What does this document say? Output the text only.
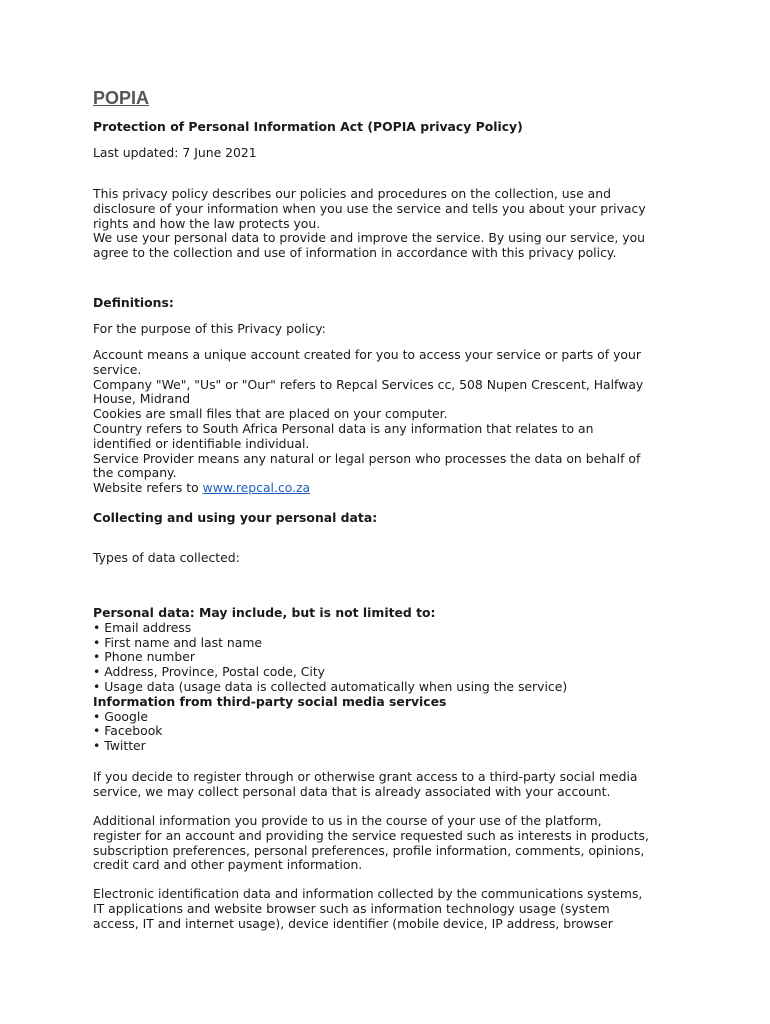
POPIA

Protection of Personal Information Act (POPIA privacy Policy)

Last updated: 7 June 2021

This privacy policy describes our policies and procedures on the collection, use and
disclosure of your information when you use the service and tells you about your privacy
rights and how the law protects you.
We use your personal data to provide and improve the service. By using our service, you
agree to the collection and use of information in accordance with this privacy policy.

Definitions:

For the purpose of this Privacy policy:

Account means a unique account created for you to access your service or parts of your
service.
Company "We", "Us" or "Our" refers to Repcal Services cc, 508 Nupen Crescent, Halfway
House, Midrand
Cookies are small files that are placed on your computer.
Country refers to South Africa Personal data is any information that relates to an
identified or identifiable individual.
Service Provider means any natural or legal person who processes the data on behalf of
the company.
Website refers to www.repcal.co.za

Collecting and using your personal data:

Types of data collected:

Personal data: May include, but is not limited to:
• Email address
• First name and last name
• Phone number
• Address, Province, Postal code, City
• Usage data (usage data is collected automatically when using the service)
Information from third-party social media services
• Google
• Facebook
• Twitter
If you decide to register through or otherwise grant access to a third-party social media
service, we may collect personal data that is already associated with your account.
Additional information you provide to us in the course of your use of the platform,
register for an account and providing the service requested such as interests in products,
subscription preferences, personal preferences, profile information, comments, opinions,
credit card and other payment information.
Electronic identification data and information collected by the communications systems,
IT applications and website browser such as information technology usage (system
access, IT and internet usage), device identifier (mobile device, IP address, browser
